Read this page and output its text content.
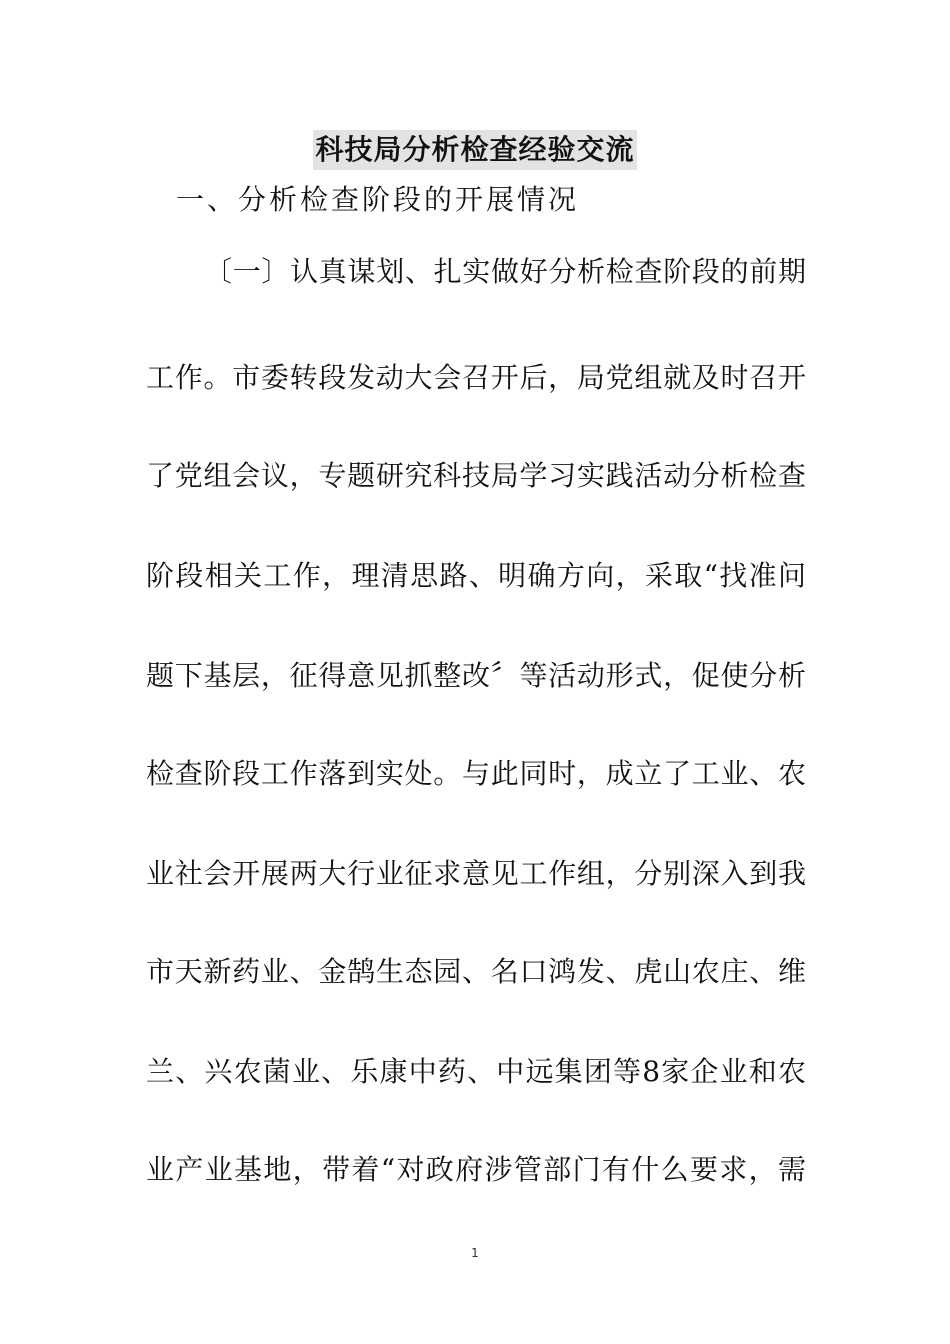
科技局分析检查经验交流
一、分析检查阶段的开展情况
〔一〕认真谋划、扎实做好分析检查阶段的前期
工作。市委转段发动大会召开后，局党组就及时召开
了党组会议，专题研究科技局学习实践活动分析检查
阶段相关工作，理清思路、明确方向，采取“找准问
题下基层，征得意见抓整改〞等活动形式，促使分析
检查阶段工作落到实处。与此同时，成立了工业、农
业社会开展两大行业征求意见工作组，分别深入到我
市天新药业、金鹄生态园、名口鸿发、虎山农庄、维
兰、兴农菌业、乐康中药、中远集团等8家企业和农
业产业基地，带着“对政府涉管部门有什么要求，需
1
